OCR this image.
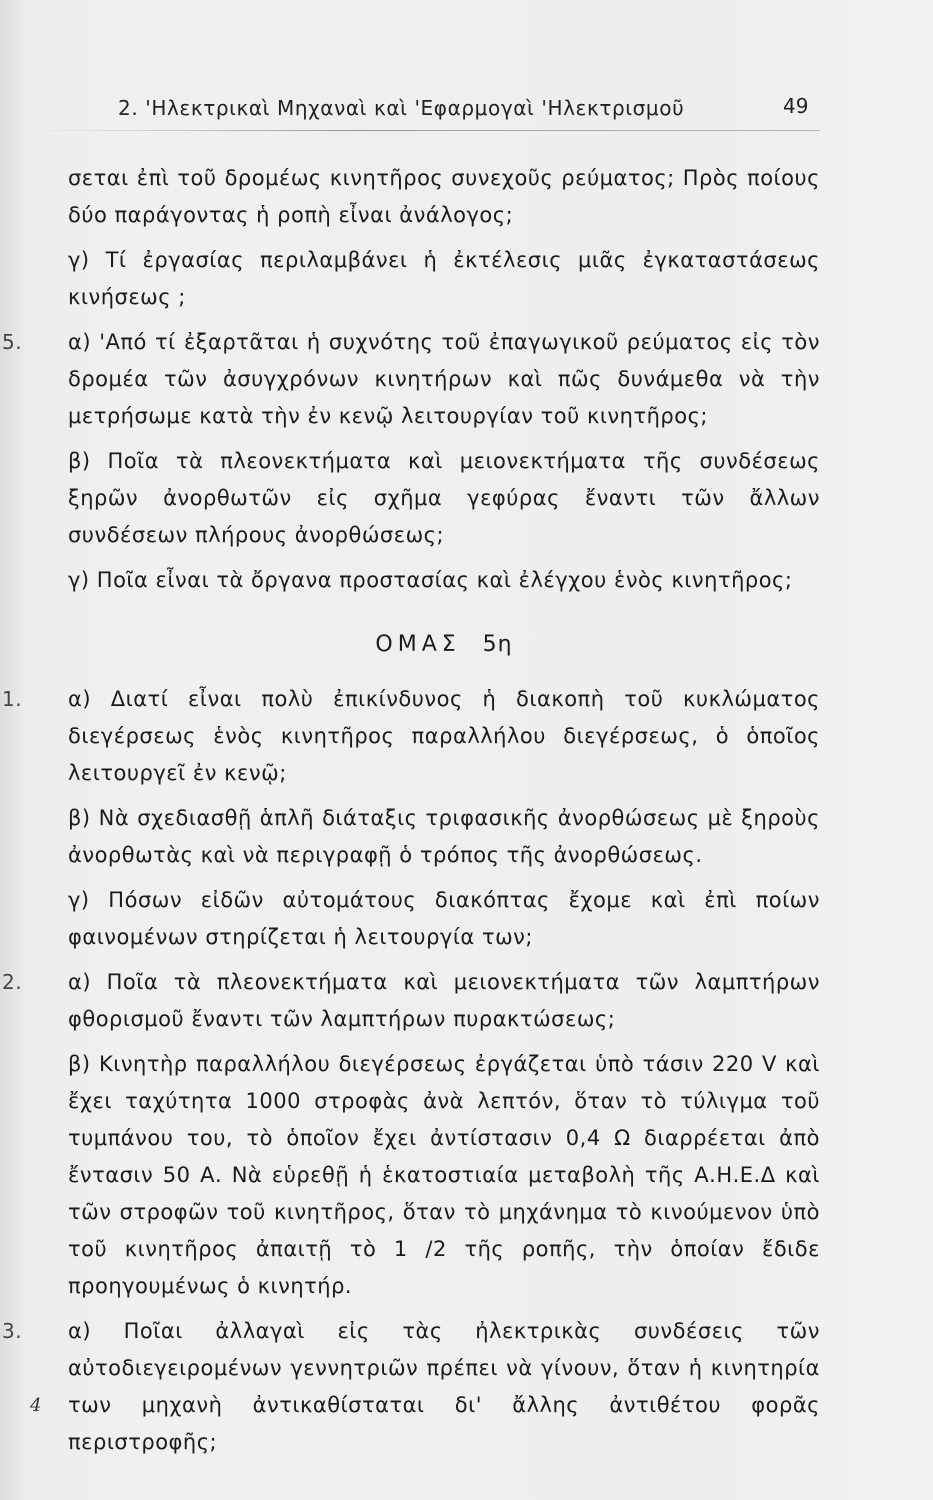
2. 'Ηλεκτρικαὶ Μηχαναὶ καὶ 'Εφαρμογαὶ 'Ηλεκτρισμοῦ	49

σεται ἐπὶ τοῦ δρομέως κινητῆρος συνεχοῦς ρεύματος; Πρὸς ποίους δύο παράγοντας ἡ ροπὴ εἶναι ἀνάλογος;

γ) Τί ἐργασίας περιλαμβάνει ἡ ἐκτέλεσις μιᾶς ἐγκαταστάσεως κινήσεως ;

5. α) 'Από τί ἐξαρτᾶται ἡ συχνότης τοῦ ἐπαγωγικοῦ ρεύματος εἰς τὸν δρομέα τῶν ἀσυγχρόνων κινητήρων καὶ πῶς δυνάμεθα νὰ τὴν μετρήσωμε κατὰ τὴν ἐν κενῷ λειτουργίαν τοῦ κινητῆρος;

β) Ποῖα τὰ πλεονεκτήματα καὶ μειονεκτήματα τῆς συνδέσεως ξηρῶν ἀνορθωτῶν εἰς σχῆμα γεφύρας ἔναντι τῶν ἄλλων συνδέσεων πλήρους ἀνορθώσεως;

γ) Ποῖα εἶναι τὰ ὄργανα προστασίας καὶ ἐλέγχου ἑνὸς κινητῆρος;

ΟΜΑΣ 5η

1. α) Διατί εἶναι πολὺ ἐπικίνδυνος ἡ διακοπὴ τοῦ κυκλώματος διεγέρσεως ἑνὸς κινητῆρος παραλλήλου διεγέρσεως, ὁ ὁποῖος λειτουργεῖ ἐν κενῷ;

β) Νὰ σχεδιασθῇ ἁπλῆ διάταξις τριφασικῆς ἀνορθώσεως μὲ ξηροὺς ἀνορθωτὰς καὶ νὰ περιγραφῇ ὁ τρόπος τῆς ἀνορθώσεως.

γ) Πόσων εἰδῶν αὐτομάτους διακόπτας ἔχομε καὶ ἐπὶ ποίων φαινομένων στηρίζεται ἡ λειτουργία των;

2. α) Ποῖα τὰ πλεονεκτήματα καὶ μειονεκτήματα τῶν λαμπτήρων φθορισμοῦ ἔναντι τῶν λαμπτήρων πυρακτώσεως;

β) Κινητὴρ παραλλήλου διεγέρσεως ἐργάζεται ὑπὸ τάσιν 220 V καὶ ἔχει ταχύτητα 1000 στροφὰς ἀνὰ λεπτόν, ὅταν τὸ τύλιγμα τοῦ τυμπάνου του, τὸ ὁποῖον ἔχει ἀντίστασιν 0,4 Ω διαρρέεται ἀπὸ ἔντασιν 50 Α. Νὰ εὑρεθῇ ἡ ἑκατοστιαία μεταβολὴ τῆς Α.Η.Ε.Δ καὶ τῶν στροφῶν τοῦ κινητῆρος, ὅταν τὸ μηχάνημα τὸ κινούμενον ὑπὸ τοῦ κινητῆρος ἀπαιτῇ τὸ 1 /2 τῆς ροπῆς, τὴν ὁποίαν ἔδιδε προηγουμένως ὁ κινητήρ.

3. α) Ποῖαι ἀλλαγαὶ εἰς τὰς ἠλεκτρικὰς συνδέσεις τῶν αὐτοδιεγειρομένων γεννητριῶν πρέπει νὰ γίνουν, ὅταν ἡ κινητηρία των μηχανὴ ἀντικαθίσταται δι' ἄλλης ἀντιθέτου φορᾶς περιστροφῆς;

4
